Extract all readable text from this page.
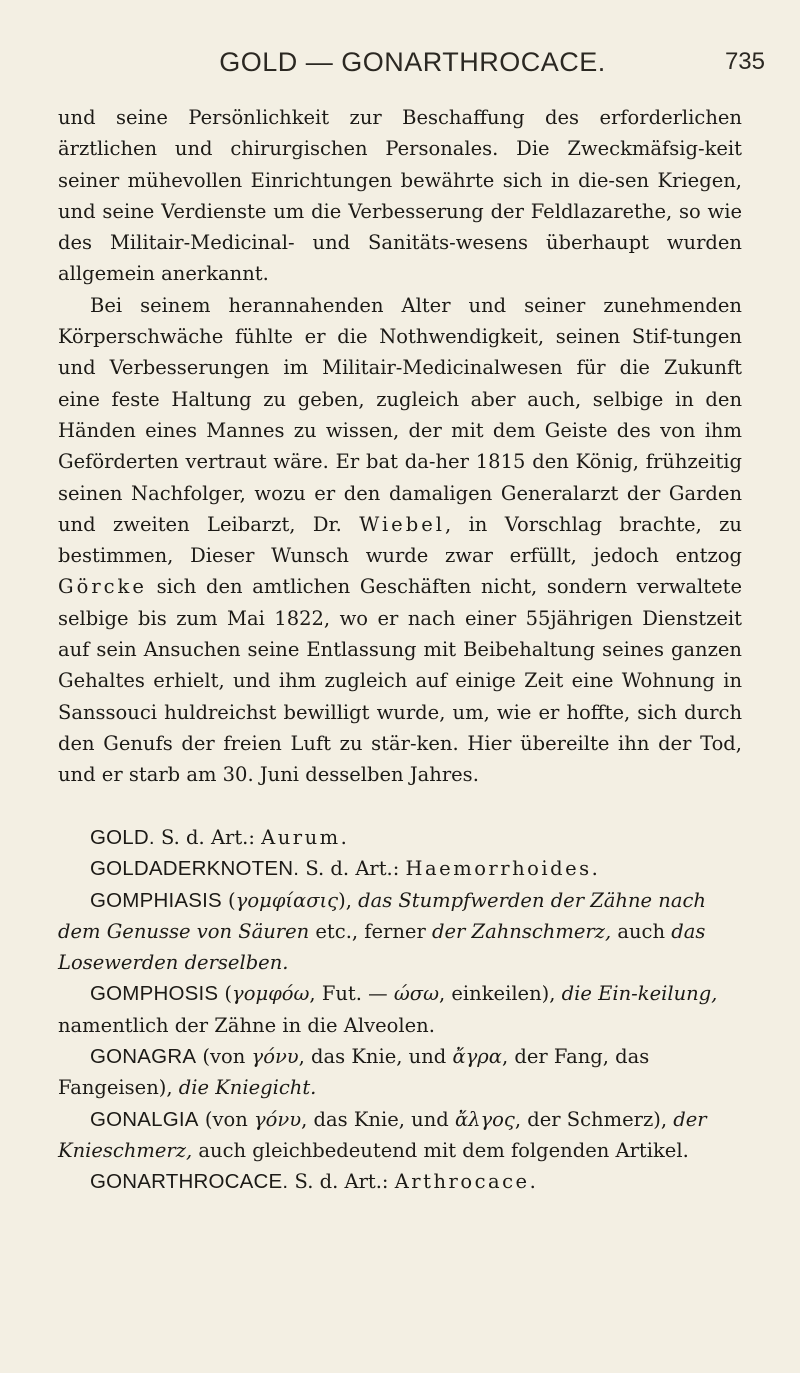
GOLD — GONARTHROCACE.	735

und seine Persönlichkeit zur Beschaffung des erforderlichen ärztlichen und chirurgischen Personales. Die Zweckmäfsig-keit seiner mühevollen Einrichtungen bewährte sich in die-sen Kriegen, und seine Verdienste um die Verbesserung der Feldlazarethe, so wie des Militair-Medicinal- und Sanitäts-wesens überhaupt wurden allgemein anerkannt.

Bei seinem herannahenden Alter und seiner zunehmenden Körperschwäche fühlte er die Nothwendigkeit, seinen Stif-tungen und Verbesserungen im Militair-Medicinalwesen für die Zukunft eine feste Haltung zu geben, zugleich aber auch, selbige in den Händen eines Mannes zu wissen, der mit dem Geiste des von ihm Geförderten vertraut wäre. Er bat da-her 1815 den König, frühzeitig seinen Nachfolger, wozu er den damaligen Generalarzt der Garden und zweiten Leibarzt, Dr. Wiebel, in Vorschlag brachte, zu bestimmen, Dieser Wunsch wurde zwar erfüllt, jedoch entzog Görcke sich den amtlichen Geschäften nicht, sondern verwaltete selbige bis zum Mai 1822, wo er nach einer 55jährigen Dienstzeit auf sein Ansuchen seine Entlassung mit Beibehaltung seines ganzen Gehaltes erhielt, und ihm zugleich auf einige Zeit eine Wohnung in Sanssouci huldreichst bewilligt wurde, um, wie er hoffte, sich durch den Genufs der freien Luft zu stär-ken. Hier übereilte ihn der Tod, und er starb am 30. Juni desselben Jahres.

GOLD. S. d. Art.: Aurum.

GOLDADERKNOTEN. S. d. Art.: Haemorrhoides.

GOMPHIASIS (γομφίασις), das Stumpfwerden der Zähne nach dem Genusse von Säuren etc., ferner der Zahnschmerz, auch das Losewerden derselben.

GOMPHOSIS (γομφόω, Fut. — ώσω, einkeilen), die Ein-keilung, namentlich der Zähne in die Alveolen.

GONAGRA (von γόνυ, das Knie, und ἄγρα, der Fang, das Fangeisen), die Kniegicht.

GONALGIA (von γόνυ, das Knie, und ἄλγος, der Schmerz), der Knieschmerz, auch gleichbedeutend mit dem folgenden Artikel.

GONARTHROCACE. S. d. Art.: Arthrocace.
